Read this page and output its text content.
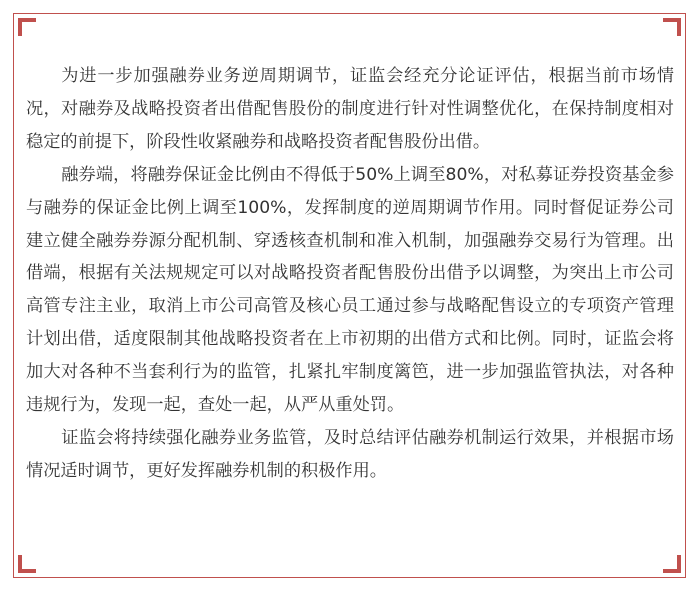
为进一步加强融券业务逆周期调节，证监会经充分论证评估，根据当前市场情况，对融券及战略投资者出借配售股份的制度进行针对性调整优化，在保持制度相对稳定的前提下，阶段性收紧融券和战略投资者配售股份出借。

融券端，将融券保证金比例由不得低于50%上调至80%，对私募证券投资基金参与融券的保证金比例上调至100%，发挥制度的逆周期调节作用。同时督促证券公司建立健全融券券源分配机制、穿透核查机制和准入机制，加强融券交易行为管理。出借端，根据有关法规规定可以对战略投资者配售股份出借予以调整，为突出上市公司高管专注主业，取消上市公司高管及核心员工通过参与战略配售设立的专项资产管理计划出借，适度限制其他战略投资者在上市初期的出借方式和比例。同时，证监会将加大对各种不当套利行为的监管，扎紧扎牢制度篱笆，进一步加强监管执法，对各种违规行为，发现一起，查处一起，从严从重处罚。

证监会将持续强化融券业务监管，及时总结评估融券机制运行效果，并根据市场情况适时调节，更好发挥融券机制的积极作用。
